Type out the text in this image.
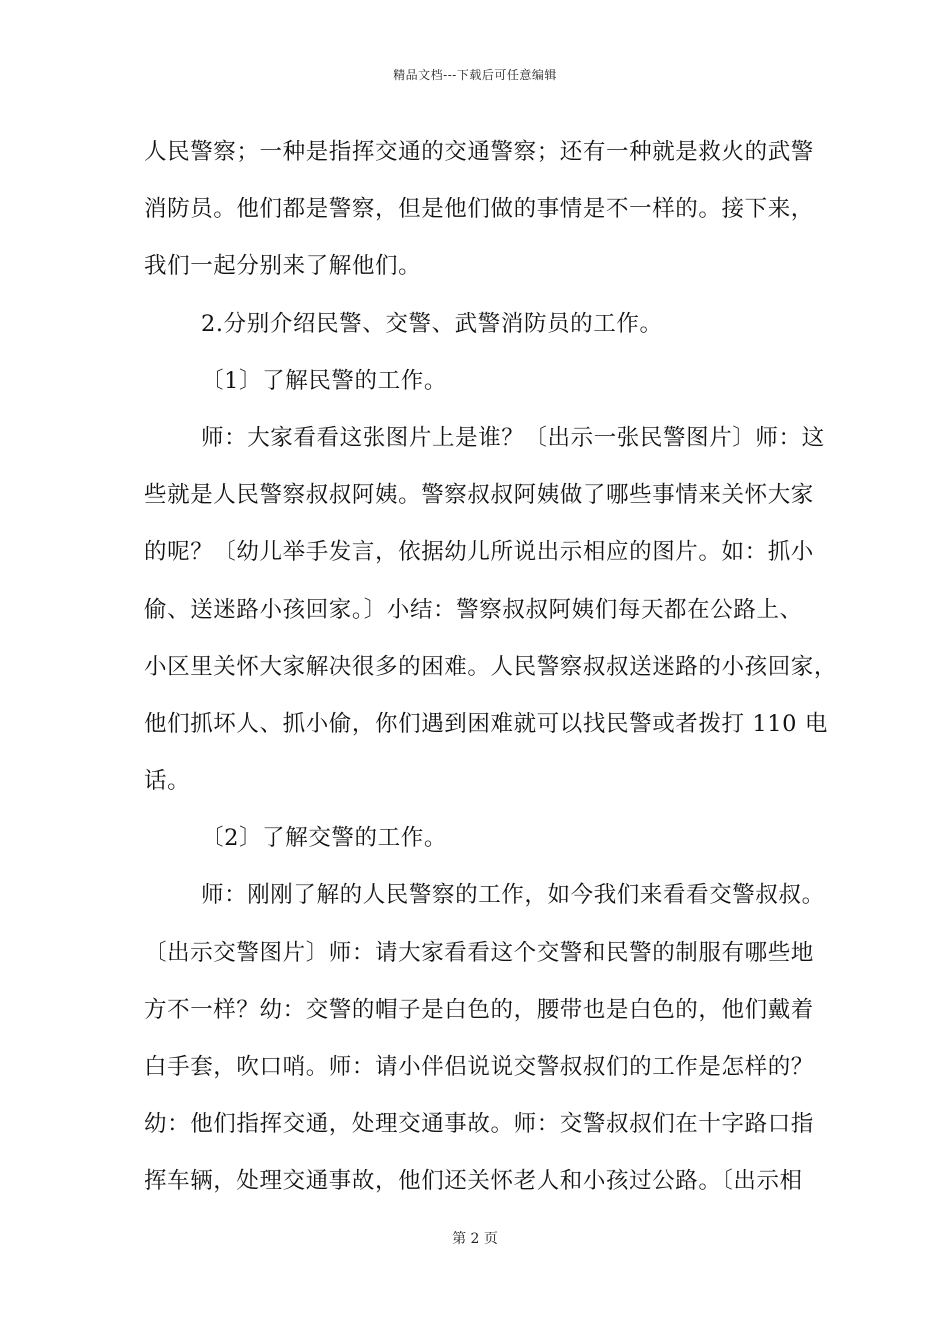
精品文档---下载后可任意编辑
人民警察；一种是指挥交通的交通警察；还有一种就是救火的武警
消防员。他们都是警察，但是他们做的事情是不一样的。接下来，
我们一起分别来了解他们。
2.分别介绍民警、交警、武警消防员的工作。
〔1〕了解民警的工作。
师：大家看看这张图片上是谁？〔出示一张民警图片〕师：这
些就是人民警察叔叔阿姨。警察叔叔阿姨做了哪些事情来关怀大家
的呢？〔幼儿举手发言，依据幼儿所说出示相应的图片。如：抓小
偷、送迷路小孩回家。〕小结：警察叔叔阿姨们每天都在公路上、
小区里关怀大家解决很多的困难。人民警察叔叔送迷路的小孩回家，
他们抓坏人、抓小偷，你们遇到困难就可以找民警或者拨打 110 电
话。
〔2〕了解交警的工作。
师：刚刚了解的人民警察的工作，如今我们来看看交警叔叔。
〔出示交警图片〕师：请大家看看这个交警和民警的制服有哪些地
方不一样？幼：交警的帽子是白色的，腰带也是白色的，他们戴着
白手套，吹口哨。师：请小伴侣说说交警叔叔们的工作是怎样的？
幼：他们指挥交通，处理交通事故。师：交警叔叔们在十字路口指
挥车辆，处理交通事故，他们还关怀老人和小孩过公路。〔出示相
第 2 页
